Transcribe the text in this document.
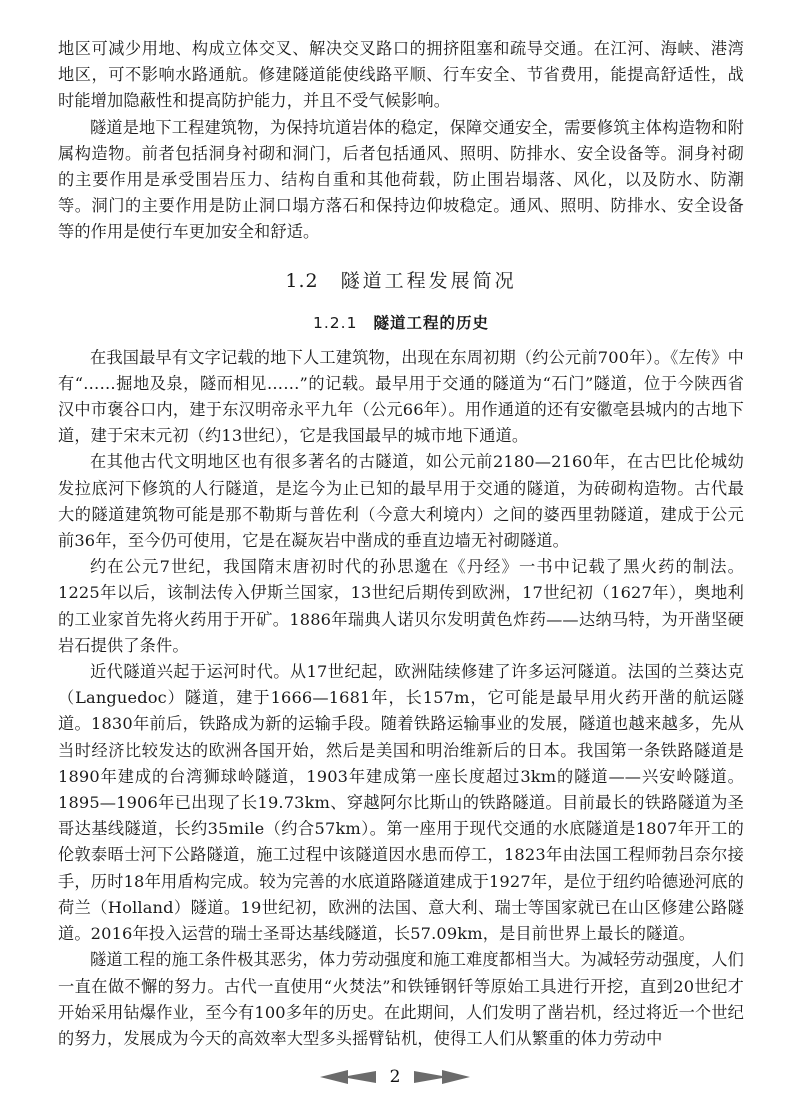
地区可减少用地、构成立体交叉、解决交叉路口的拥挤阻塞和疏导交通。在江河、海峡、港湾地区，可不影响水路通航。修建隧道能使线路平顺、行车安全、节省费用，能提高舒适性，战时能增加隐蔽性和提高防护能力，并且不受气候影响。

隧道是地下工程建筑物，为保持坑道岩体的稳定，保障交通安全，需要修筑主体构造物和附属构造物。前者包括洞身衬砌和洞门，后者包括通风、照明、防排水、安全设备等。洞身衬砌的主要作用是承受围岩压力、结构自重和其他荷载，防止围岩塌落、风化，以及防水、防潮等。洞门的主要作用是防止洞口塌方落石和保持边仰坡稳定。通风、照明、防排水、安全设备等的作用是使行车更加安全和舒适。

1.2 隧道工程发展简况
1.2.1 隧道工程的历史

在我国最早有文字记载的地下人工建筑物，出现在东周初期（约公元前700年）。《左传》中有“……掘地及泉，隧而相见……”的记载。最早用于交通的隧道为“石门”隧道，位于今陕西省汉中市褒谷口内，建于东汉明帝永平九年（公元66年）。用作通道的还有安徽亳县城内的古地下道，建于宋末元初（约13世纪），它是我国最早的城市地下通道。

在其他古代文明地区也有很多著名的古隧道，如公元前2180—2160年，在古巴比伦城幼发拉底河下修筑的人行隧道，是迄今为止已知的最早用于交通的隧道，为砖砌构造物。古代最大的隧道建筑物可能是那不勒斯与普佐利（今意大利境内）之间的婆西里勃隧道，建成于公元前36年，至今仍可使用，它是在凝灰岩中凿成的垂直边墙无衬砌隧道。

约在公元7世纪，我国隋末唐初时代的孙思邈在《丹经》一书中记载了黑火药的制法。1225年以后，该制法传入伊斯兰国家，13世纪后期传到欧洲，17世纪初（1627年），奥地利的工业家首先将火药用于开矿。1886年瑞典人诺贝尔发明黄色炸药——达纳马特，为开凿坚硬岩石提供了条件。

近代隧道兴起于运河时代。从17世纪起，欧洲陆续修建了许多运河隧道。法国的兰葵达克（Languedoc）隧道，建于1666—1681年，长157m，它可能是最早用火药开凿的航运隧道。1830年前后，铁路成为新的运输手段。随着铁路运输事业的发展，隧道也越来越多，先从当时经济比较发达的欧洲各国开始，然后是美国和明治维新后的日本。我国第一条铁路隧道是1890年建成的台湾狮球岭隧道，1903年建成第一座长度超过3km的隧道——兴安岭隧道。1895—1906年已出现了长19.73km、穿越阿尔比斯山的铁路隧道。目前最长的铁路隧道为圣哥达基线隧道，长约35mile（约合57km）。第一座用于现代交通的水底隧道是1807年开工的伦敦泰晤士河下公路隧道，施工过程中该隧道因水患而停工，1823年由法国工程师勃吕奈尔接手，历时18年用盾构完成。较为完善的水底道路隧道建成于1927年，是位于纽约哈德逊河底的荷兰（Holland）隧道。19世纪初，欧洲的法国、意大利、瑞士等国家就已在山区修建公路隧道。2016年投入运营的瑞士圣哥达基线隧道，长57.09km，是目前世界上最长的隧道。

隧道工程的施工条件极其恶劣，体力劳动强度和施工难度都相当大。为减轻劳动强度，人们一直在做不懈的努力。古代一直使用“火焚法”和铁锤钢钎等原始工具进行开挖，直到20世纪才开始采用钻爆作业，至今有100多年的历史。在此期间，人们发明了凿岩机，经过将近一个世纪的努力，发展成为今天的高效率大型多头摇臂钻机，使得工人们从繁重的体力劳动中

2
